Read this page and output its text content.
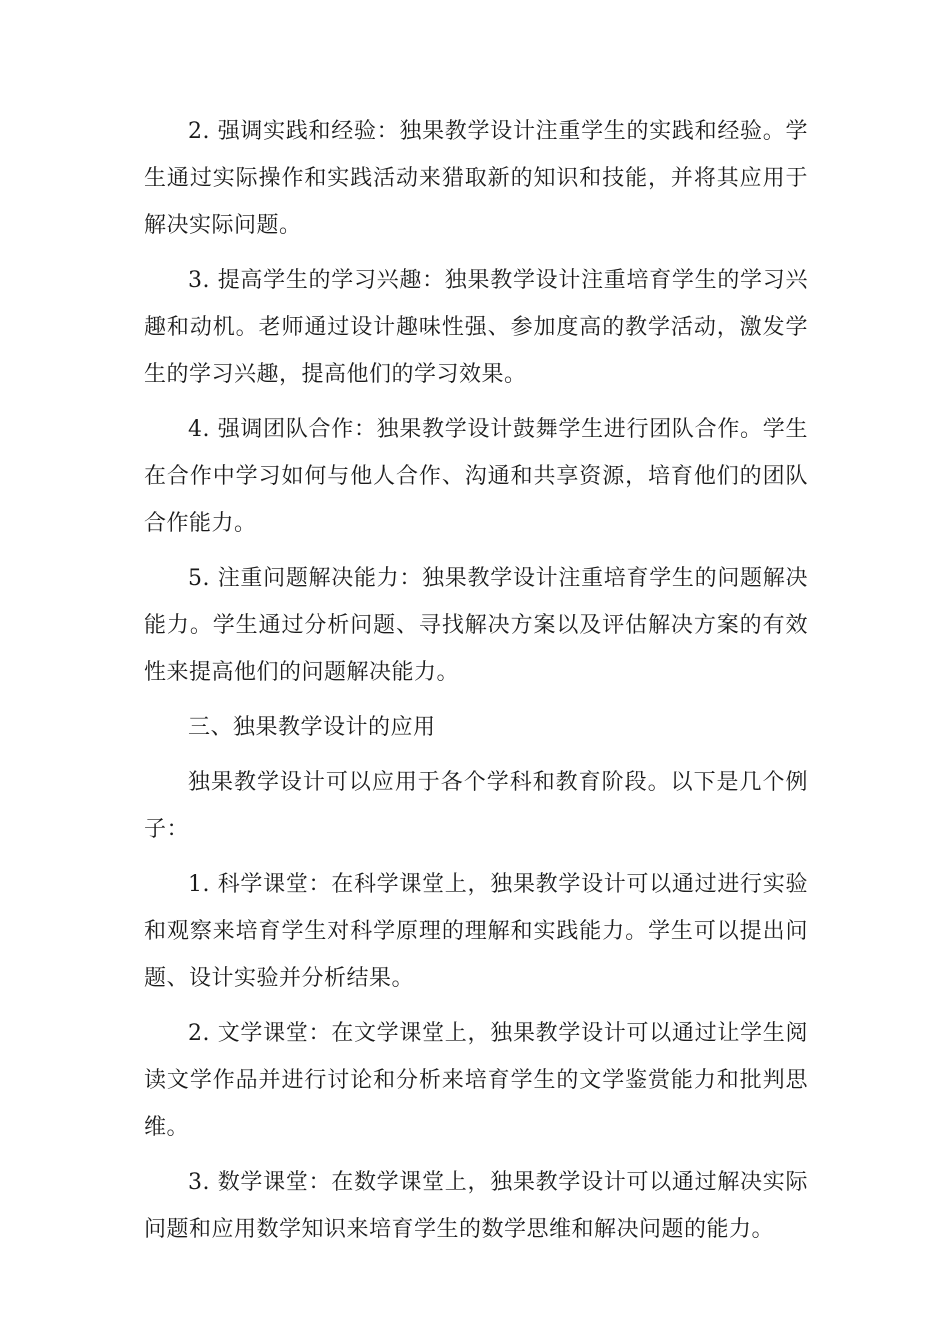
2. 强调实践和经验：独果教学设计注重学生的实践和经验。学生通过实际操作和实践活动来猎取新的知识和技能，并将其应用于解决实际问题。

3. 提高学生的学习兴趣：独果教学设计注重培育学生的学习兴趣和动机。老师通过设计趣味性强、参加度高的教学活动，激发学生的学习兴趣，提高他们的学习效果。

4. 强调团队合作：独果教学设计鼓舞学生进行团队合作。学生在合作中学习如何与他人合作、沟通和共享资源，培育他们的团队合作能力。

5. 注重问题解决能力：独果教学设计注重培育学生的问题解决能力。学生通过分析问题、寻找解决方案以及评估解决方案的有效性来提高他们的问题解决能力。

三、独果教学设计的应用

独果教学设计可以应用于各个学科和教育阶段。以下是几个例子：

1. 科学课堂：在科学课堂上，独果教学设计可以通过进行实验和观察来培育学生对科学原理的理解和实践能力。学生可以提出问题、设计实验并分析结果。

2. 文学课堂：在文学课堂上，独果教学设计可以通过让学生阅读文学作品并进行讨论和分析来培育学生的文学鉴赏能力和批判思维。

3. 数学课堂：在数学课堂上，独果教学设计可以通过解决实际问题和应用数学知识来培育学生的数学思维和解决问题的能力。
